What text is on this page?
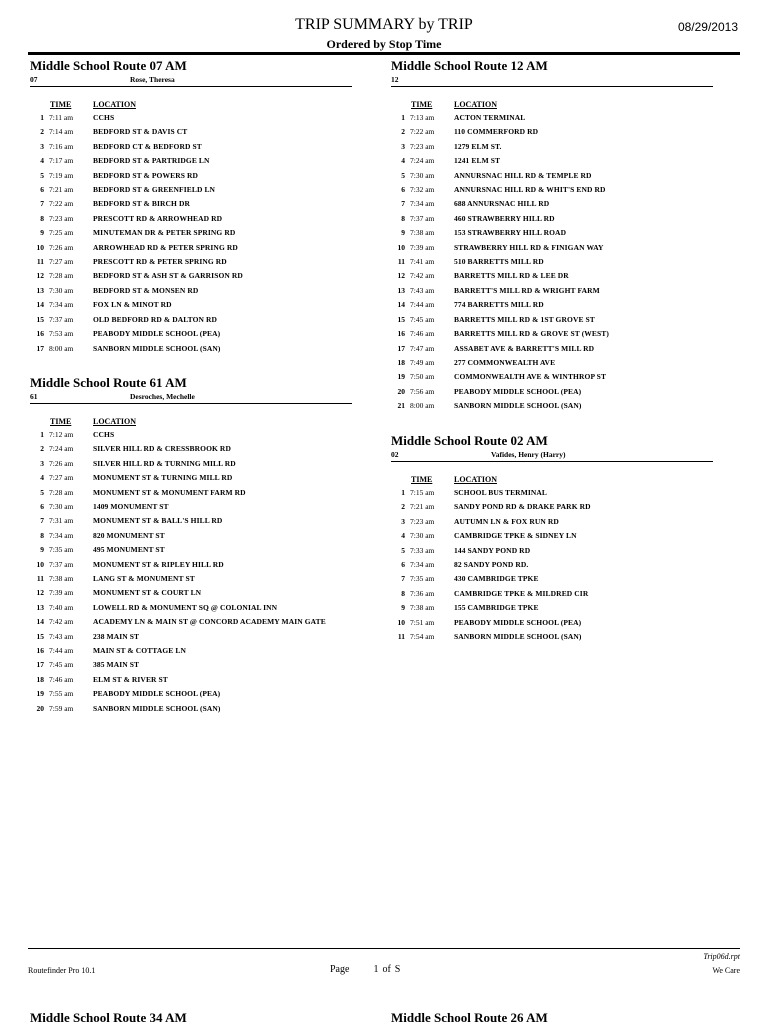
TRIP SUMMARY by TRIP
Ordered by Stop Time
08/29/2013
Middle School Route 07 AM
07	Rose, Theresa
TIME	LOCATION
1 7:11 am	CCHS
2 7:14 am	BEDFORD ST & DAVIS CT
3 7:16 am	BEDFORD CT & BEDFORD ST
4 7:17 am	BEDFORD ST & PARTRIDGE LN
5 7:19 am	BEDFORD ST & POWERS RD
6 7:21 am	BEDFORD ST & GREENFIELD LN
7 7:22 am	BEDFORD ST & BIRCH DR
8 7:23 am	PRESCOTT RD & ARROWHEAD RD
9 7:25 am	MINUTEMAN DR & PETER SPRING RD
10 7:26 am	ARROWHEAD RD & PETER SPRING RD
11 7:27 am	PRESCOTT RD & PETER SPRING RD
12 7:28 am	BEDFORD ST & ASH ST & GARRISON RD
13 7:30 am	BEDFORD ST & MONSEN RD
14 7:34 am	FOX LN & MINOT RD
15 7:37 am	OLD BEDFORD RD & DALTON RD
16 7:53 am	PEABODY MIDDLE SCHOOL (PEA)
17 8:00 am	SANBORN MIDDLE SCHOOL (SAN)
Middle School Route 61 AM
61	Desroches, Mechelle
TIME	LOCATION
1 7:12 am	CCHS
2 7:24 am	SILVER HILL RD & CRESSBROOK RD
3 7:26 am	SILVER HILL RD & TURNING MILL RD
4 7:27 am	MONUMENT ST & TURNING MILL RD
5 7:28 am	MONUMENT ST & MONUMENT FARM RD
6 7:30 am	1409 MONUMENT ST
7 7:31 am	MONUMENT ST & BALL'S HILL RD
8 7:34 am	820 MONUMENT ST
9 7:35 am	495 MONUMENT ST
10 7:37 am	MONUMENT ST & RIPLEY HILL RD
11 7:38 am	LANG ST & MONUMENT ST
12 7:39 am	MONUMENT ST & COURT LN
13 7:40 am	LOWELL RD & MONUMENT SQ @ COLONIAL INN
14 7:42 am	ACADEMY LN & MAIN ST @ CONCORD ACADEMY MAIN GATE
15 7:43 am	238 MAIN ST
16 7:44 am	MAIN ST & COTTAGE LN
17 7:45 am	385 MAIN ST
18 7:46 am	ELM ST & RIVER ST
19 7:55 am	PEABODY MIDDLE SCHOOL (PEA)
20 7:59 am	SANBORN MIDDLE SCHOOL (SAN)
Middle School Route 12 AM
12
TIME	LOCATION
1 7:13 am	ACTON TERMINAL
2 7:22 am	110 COMMERFORD RD
3 7:23 am	1279 ELM ST.
4 7:24 am	1241 ELM ST
5 7:30 am	ANNURSNAC HILL RD & TEMPLE RD
6 7:32 am	ANNURSNAC HILL RD & WHIT'S END RD
7 7:34 am	688 ANNURSNAC HILL RD
8 7:37 am	460 STRAWBERRY HILL RD
9 7:38 am	153 STRAWBERRY HILL ROAD
10 7:39 am	STRAWBERRY HILL RD & FINIGAN WAY
11 7:41 am	510 BARRETTS MILL RD
12 7:42 am	BARRETTS MILL RD & LEE DR
13 7:43 am	BARRETT'S MILL RD & WRIGHT FARM
14 7:44 am	774 BARRETTS MILL RD
15 7:45 am	BARRETTS MILL RD & 1ST GROVE ST
16 7:46 am	BARRETTS MILL RD & GROVE ST (WEST)
17 7:47 am	ASSABET AVE & BARRETT'S MILL RD
18 7:49 am	277 COMMONWEALTH AVE
19 7:50 am	COMMONWEALTH AVE & WINTHROP ST
20 7:56 am	PEABODY MIDDLE SCHOOL (PEA)
21 8:00 am	SANBORN MIDDLE SCHOOL (SAN)
Middle School Route 02 AM
02	Vafides, Henry (Harry)
TIME	LOCATION
1 7:15 am	SCHOOL BUS TERMINAL
2 7:21 am	SANDY POND RD & DRAKE PARK RD
3 7:23 am	AUTUMN LN & FOX RUN RD
4 7:30 am	CAMBRIDGE TPKE & SIDNEY LN
5 7:33 am	144 SANDY POND RD
6 7:34 am	82 SANDY POND RD.
7 7:35 am	430 CAMBRIDGE TPKE
8 7:36 am	CAMBRIDGE TPKE & MILDRED CIR
9 7:38 am	155 CAMBRIDGE TPKE
10 7:51 am	PEABODY MIDDLE SCHOOL (PEA)
11 7:54 am	SANBORN MIDDLE SCHOOL (SAN)
Trip06d.rpt
Routefinder Pro 10.1	Page 1 of S	We Care
Middle School Route 34 AM	Middle School Route 26 AM
